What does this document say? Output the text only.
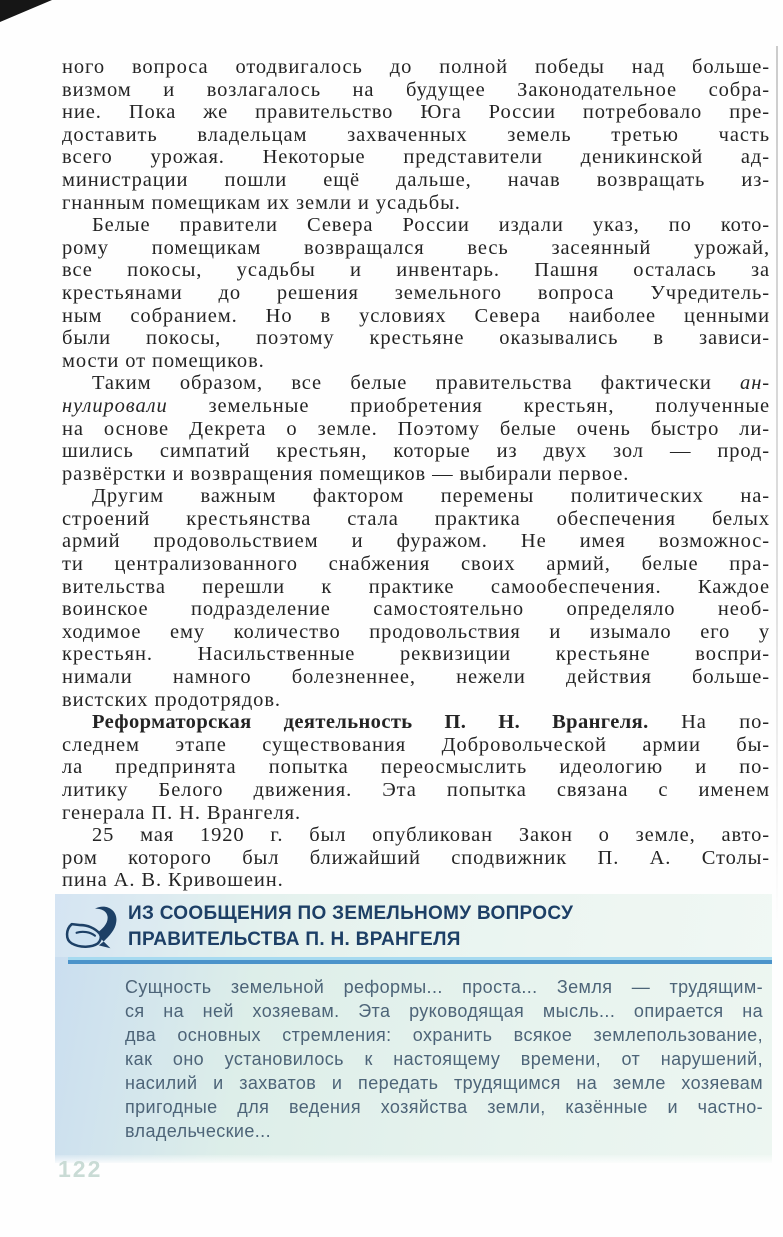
ного вопроса отодвигалось до полной победы над больше-
визмом и возлагалось на будущее Законодательное собра-
ние. Пока же правительство Юга России потребовало пре-
доставить владельцам захваченных земель третью часть
всего урожая. Некоторые представители деникинской ад-
министрации пошли ещё дальше, начав возвращать из-
гнанным помещикам их земли и усадьбы.
Белые правители Севера России издали указ, по кото-
рому помещикам возвращался весь засеянный урожай,
все покосы, усадьбы и инвентарь. Пашня осталась за
крестьянами до решения земельного вопроса Учредитель-
ным собранием. Но в условиях Севера наиболее ценными
были покосы, поэтому крестьяне оказывались в зависи-
мости от помещиков.
Таким образом, все белые правительства фактически ан-
нулировали земельные приобретения крестьян, полученные
на основе Декрета о земле. Поэтому белые очень быстро ли-
шились симпатий крестьян, которые из двух зол — прод-
развёрстки и возвращения помещиков — выбирали первое.
Другим важным фактором перемены политических на-
строений крестьянства стала практика обеспечения белых
армий продовольствием и фуражом. Не имея возможнос-
ти централизованного снабжения своих армий, белые пра-
вительства перешли к практике самообеспечения. Каждое
воинское подразделение самостоятельно определяло необ-
ходимое ему количество продовольствия и изымало его у
крестьян. Насильственные реквизиции крестьяне воспри-
нимали намного болезненнее, нежели действия больше-
вистских продотрядов.
Реформаторская деятельность П. Н. Врангеля. На по-
следнем этапе существования Добровольческой армии бы-
ла предпринята попытка переосмыслить идеологию и по-
литику Белого движения. Эта попытка связана с именем
генерала П. Н. Врангеля.
25 мая 1920 г. был опубликован Закон о земле, авто-
ром которого был ближайший сподвижник П. А. Столы-
пина А. В. Кривошеин.
ИЗ СООБЩЕНИЯ ПО ЗЕМЕЛЬНОМУ ВОПРОСУ
ПРАВИТЕЛЬСТВА П. Н. ВРАНГЕЛЯ
Сущность земельной реформы... проста... Земля — трудящим-
ся на ней хозяевам. Эта руководящая мысль... опирается на
два основных стремления: охранить всякое землепользование,
как оно установилось к настоящему времени, от нарушений,
насилий и захватов и передать трудящимся на земле хозяевам
пригодные для ведения хозяйства земли, казённые и частно-
владельческие...
122
